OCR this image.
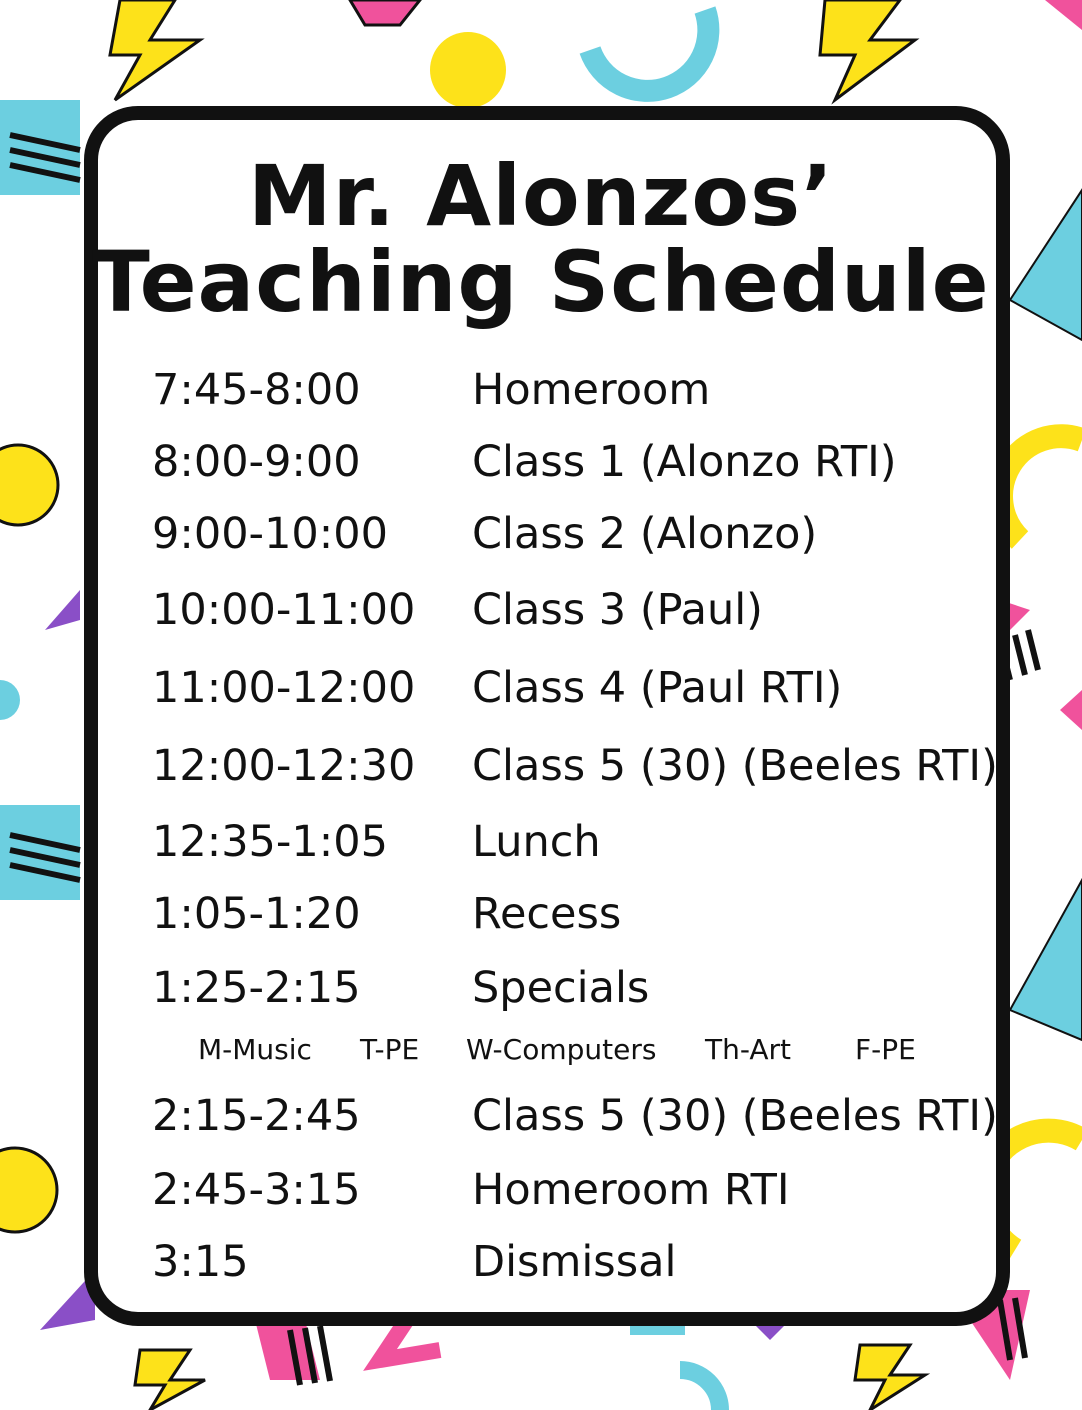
Mr. Alonzos’
Teaching Schedule
7:45-8:00	Homeroom
8:00-9:00	Class 1 (Alonzo RTI)
9:00-10:00 Class 2 (Alonzo)
10:00-11:00 Class 3 (Paul)
11:00-12:00 Class 4 (Paul RTI)
12:00-12:30 Class 5 (30) (Beeles RTI)
12:35-1:05 Lunch
1:05-1:20	Recess
1:25-2:15	Specials
2:15-2:45	Class 5 (30) (Beeles RTI)
2:45-3:15	Homeroom RTI
3:15	Dismissal
M-Music T-PE W-Computers Th-Art F-PE
